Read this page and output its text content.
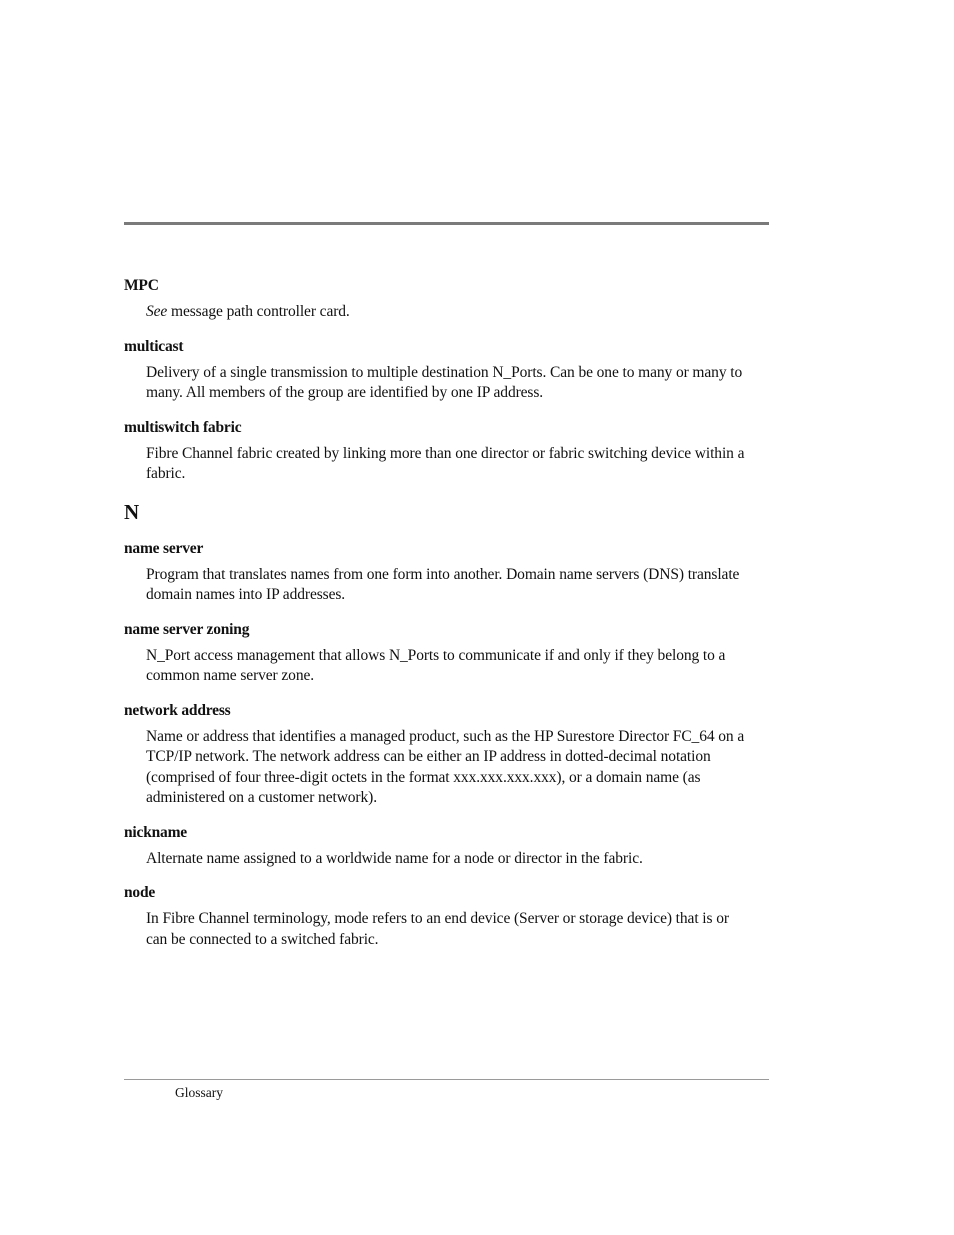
MPC

See message path controller card.

multicast

Delivery of a single transmission to multiple destination N_Ports. Can be one to many or many to many. All members of the group are identified by one IP address.

multiswitch fabric

Fibre Channel fabric created by linking more than one director or fabric switching device within a fabric.

N

name server

Program that translates names from one form into another. Domain name servers (DNS) translate domain names into IP addresses.

name server zoning

N_Port access management that allows N_Ports to communicate if and only if they belong to a common name server zone.

network address

Name or address that identifies a managed product, such as the HP Surestore Director FC_64 on a TCP/IP network. The network address can be either an IP address in dotted-decimal notation (comprised of four three-digit octets in the format xxx.xxx.xxx.xxx), or a domain name (as administered on a customer network).

nickname

Alternate name assigned to a worldwide name for a node or director in the fabric.

node

In Fibre Channel terminology, mode refers to an end device (Server or storage device) that is or can be connected to a switched fabric.

Glossary
